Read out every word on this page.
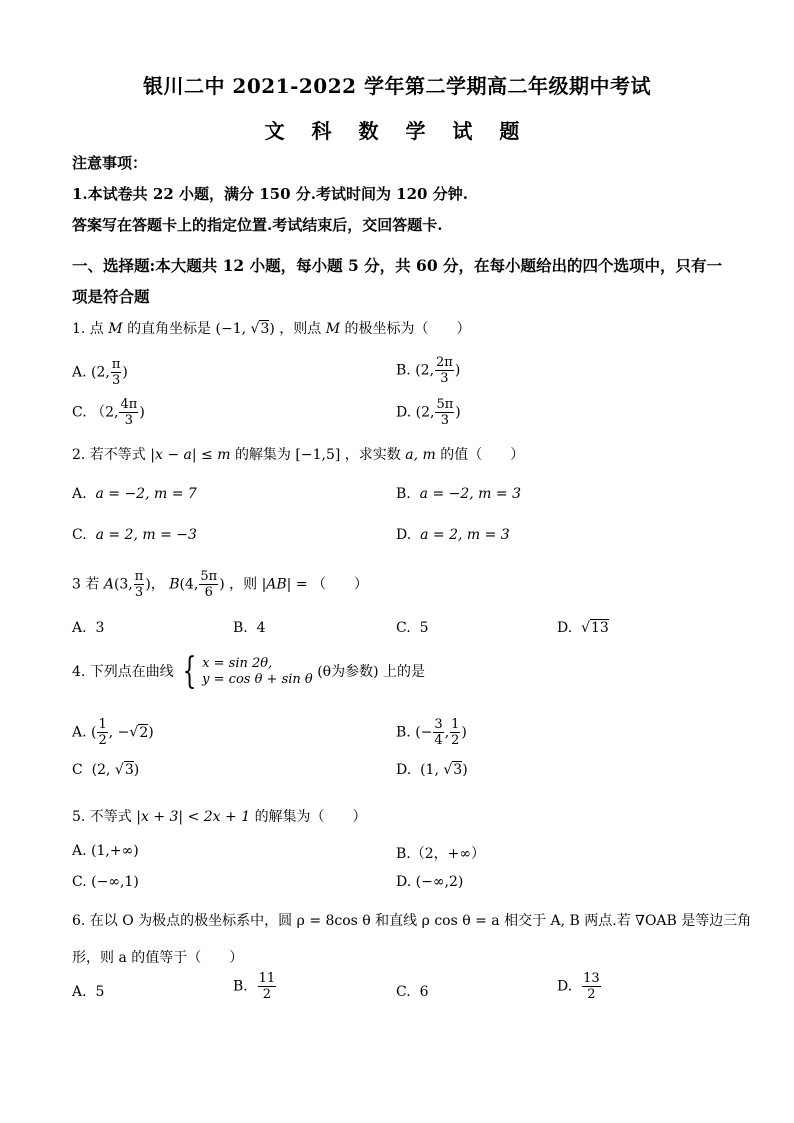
银川二中 2021-2022 学年第二学期高二年级期中考试
文 科 数 学 试 题
注意事项：
1.本试卷共 22 小题，满分 150 分.考试时间为 120 分钟.
答案写在答题卡上的指定位置.考试结束后，交回答题卡.
一、选择题:本大题共 12 小题，每小题 5 分，共 60 分，在每小题给出的四个选项中，只有一项是符合题
1. 点 M 的直角坐标是 (−1, √3) ，则点 M 的极坐标为（　　）
A. (2, $\frac{\pi}{3}$ )	B. (2, $\frac{2\pi}{3}$ )
C. （2, $\frac{4\pi}{3}$ )	D. (2, $\frac{5\pi}{3}$ )
2. 若不等式 |x − a| ≤ m 的解集为 [−1,5] ，求实数 a, m 的值（　　）
A. a = −2, m = 7	B. a = −2, m = 3
C. a = 2, m = −3	D. a = 2, m = 3
3 若 A(3, $\frac{\pi}{3}$ )， B(4, $\frac{5\pi}{6}$ ) ，则 |AB| = （　　）
A. 3	B. 4	C. 5	D.  √13
4. 下列点在曲线 { x = sin 2θ,
y = cos θ + sin θ (θ为参数) 上的是
A. ( $\frac{1}{2}$ , −√2)	B. (− $\frac{3}{4}$ , $\frac{1}{2}$ )
C  (2, √3)	D.  (1, √3)
5. 不等式 |x + 3| < 2x + 1 的解集为（　　）
A. (1,+∞)	B.（2，+∞）
C. (−∞,1)	D. (−∞,2)
6. 在以 O 为极点的极坐标系中，圆 ρ = 8cos θ 和直线 ρ cos θ = a 相交于 A, B 两点.若 ∇OAB 是等边三角
形，则 a 的值等于（　　）
A. 5	B. $\frac{11}{2}$	C. 6	D. $\frac{13}{2}$
